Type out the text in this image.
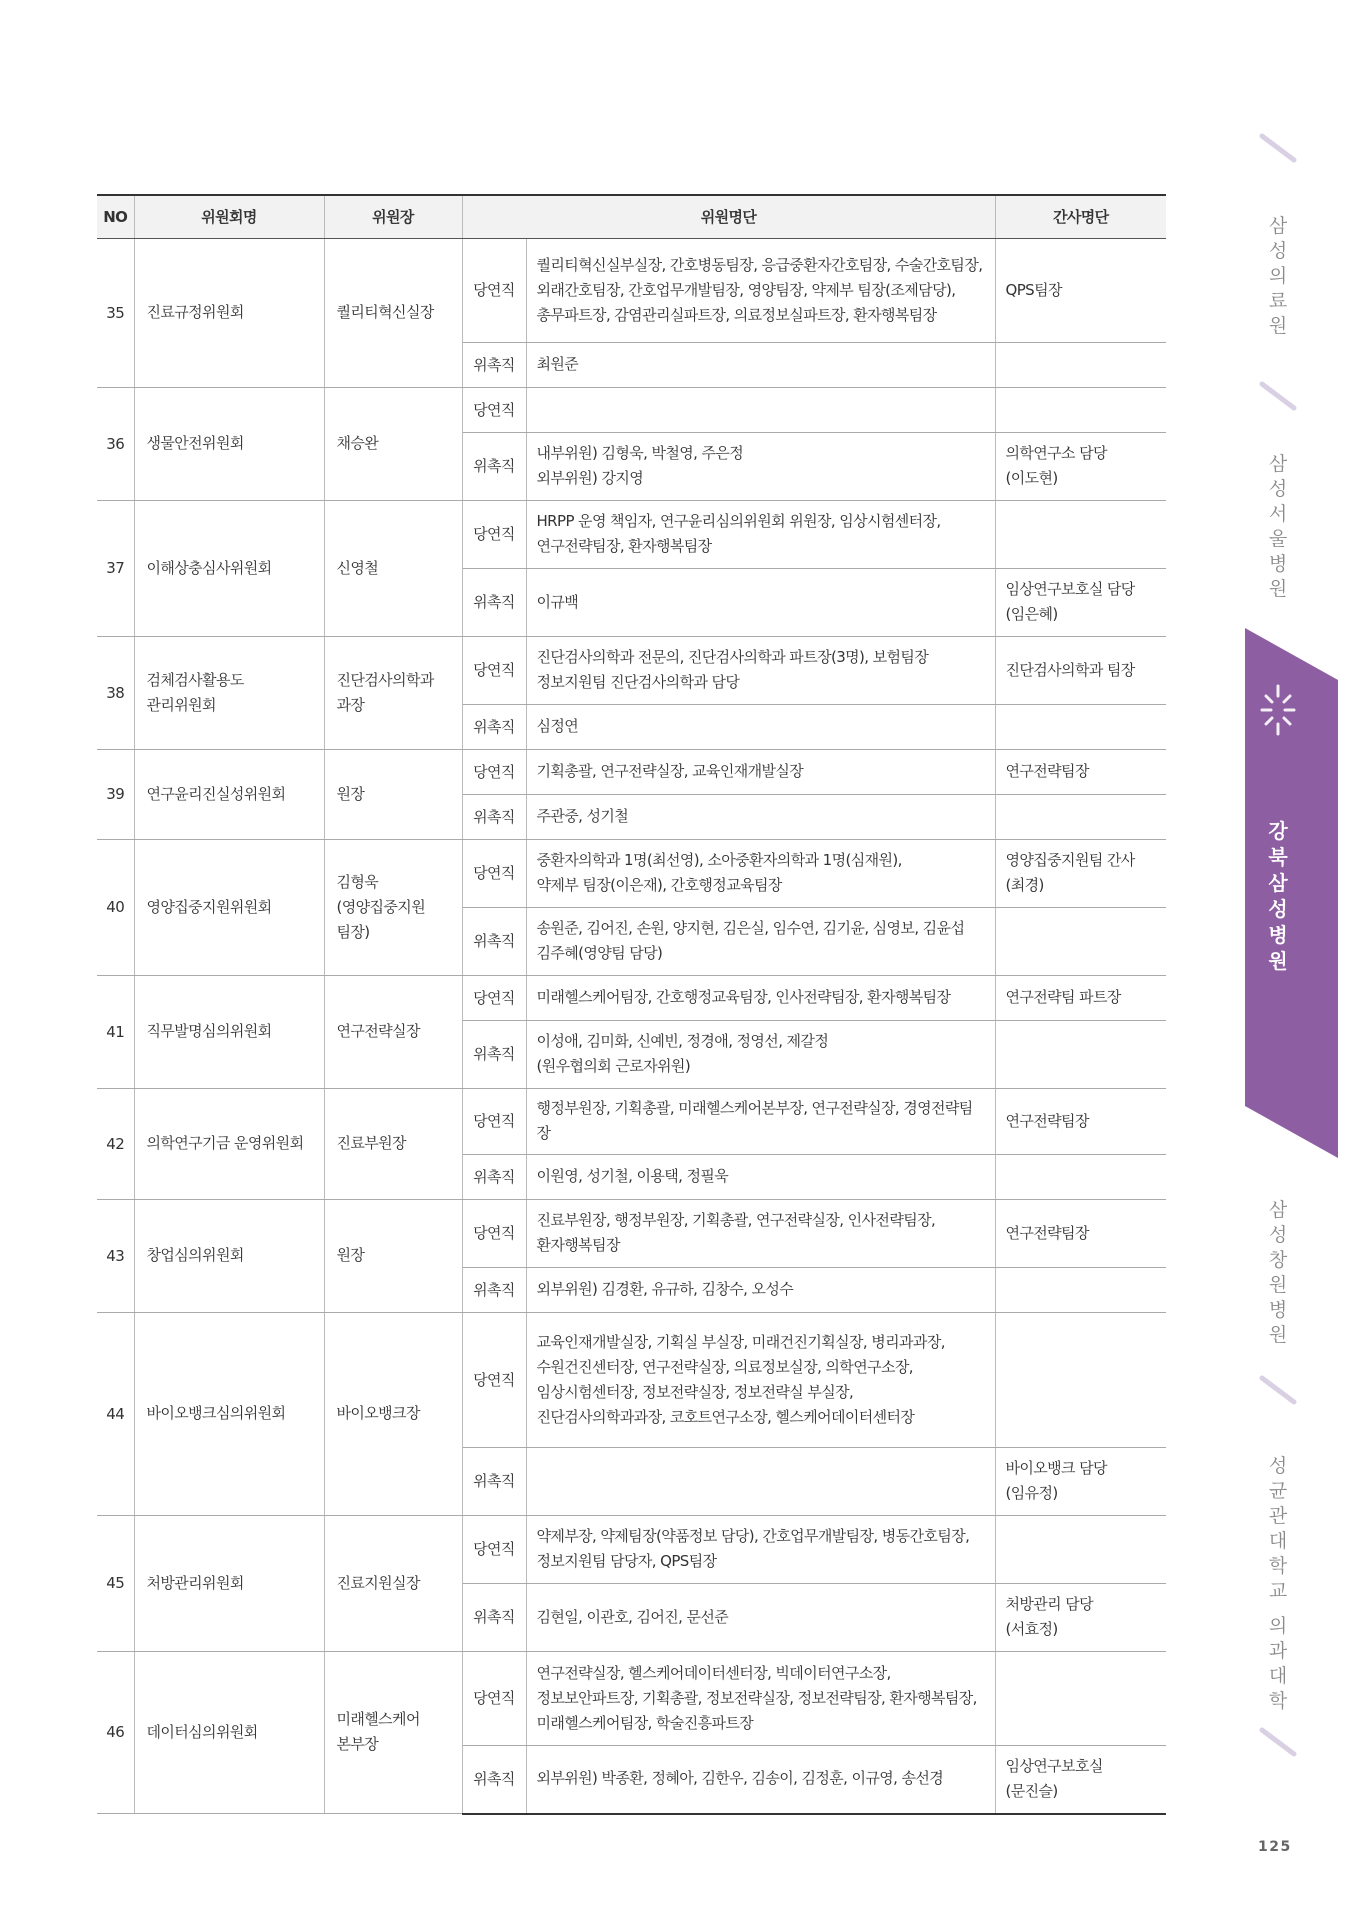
NO	위원회명	위원장	위원명단		간사명단
35	진료규정위원회	퀄리티혁신실장	당연직	퀄리티혁신실부실장, 간호병동팀장, 응급중환자간호팀장, 수술간호팀장,
외래간호팀장, 간호업무개발팀장, 영양팀장, 약제부 팀장(조제담당),
총무파트장, 감염관리실파트장, 의료정보실파트장, 환자행복팀장	QPS팀장
			위촉직	최원준	
36	생물안전위원회	채승완	당연직		
			위촉직	내부위원) 김형욱, 박철영, 주은정
외부위원) 강지영	의학연구소 담당
(이도현)
37	이해상충심사위원회	신영철	당연직	HRPP 운영 책임자, 연구윤리심의위원회 위원장, 임상시험센터장,
연구전략팀장, 환자행복팀장	
			위촉직	이규백	임상연구보호실 담당
(임은혜)
38	검체검사활용도
관리위원회	진단검사의학과
과장	당연직	진단검사의학과 전문의, 진단검사의학과 파트장(3명), 보험팀장
정보지원팀 진단검사의학과 담당	진단검사의학과 팀장
			위촉직	심정연	
39	연구윤리진실성위원회	원장	당연직	기획총괄, 연구전략실장, 교육인재개발실장	연구전략팀장
			위촉직	주관중, 성기철	
40	영양집중지원위원회	김형욱
(영양집중지원
팀장)	당연직	중환자의학과 1명(최선영), 소아중환자의학과 1명(심재원),
약제부 팀장(이은재), 간호행정교육팀장	영양집중지원팀 간사
(최경)
			위촉직	송원준, 김어진, 손원, 양지현, 김은실, 임수연, 김기윤, 심영보, 김윤섭
김주혜(영양팀 담당)	
41	직무발명심의위원회	연구전략실장	당연직	미래헬스케어팀장, 간호행정교육팀장, 인사전략팀장, 환자행복팀장	연구전략팀 파트장
			위촉직	이성애, 김미화, 신예빈, 정경애, 정영선, 제갈정
(원우협의회 근로자위원)	
42	의학연구기금 운영위원회	진료부원장	당연직	행정부원장, 기획총괄, 미래헬스케어본부장, 연구전략실장, 경영전략팀장	연구전략팀장
			위촉직	이원영, 성기철, 이용택, 정필욱	
43	창업심의위원회	원장	당연직	진료부원장, 행정부원장, 기획총괄, 연구전략실장, 인사전략팀장,
환자행복팀장	연구전략팀장
			위촉직	외부위원) 김경환, 유규하, 김창수, 오성수	
44	바이오뱅크심의위원회	바이오뱅크장	당연직	교육인재개발실장, 기획실 부실장, 미래건진기획실장, 병리과과장,
수원건진센터장, 연구전략실장, 의료정보실장, 의학연구소장,
임상시험센터장, 정보전략실장, 정보전략실 부실장,
진단검사의학과과장, 코호트연구소장, 헬스케어데이터센터장	
			위촉직		바이오뱅크 담당
(임유정)
45	처방관리위원회	진료지원실장	당연직	약제부장, 약제팀장(약품정보 담당), 간호업무개발팀장, 병동간호팀장,
정보지원팀 담당자, QPS팀장	
			위촉직	김현일, 이관호, 김어진, 문선준	처방관리 담당
(서효정)
46	데이터심의위원회	미래헬스케어
본부장	당연직	연구전략실장, 헬스케어데이터센터장, 빅데이터연구소장,
정보보안파트장, 기획총괄, 정보전략실장, 정보전략팀장, 환자행복팀장,
미래헬스케어팀장, 학술진흥파트장	
			위촉직	외부위원) 박종환, 정혜아, 김한우, 김송이, 김정훈, 이규영, 송선경	임상연구보호실
(문진슬)
삼
성
의
료
원
삼
성
서
울
병
원
강
북
삼
성
병
원
삼
성
창
원
병
원
성
균
관
대
학
교
의
과
대
학
125
